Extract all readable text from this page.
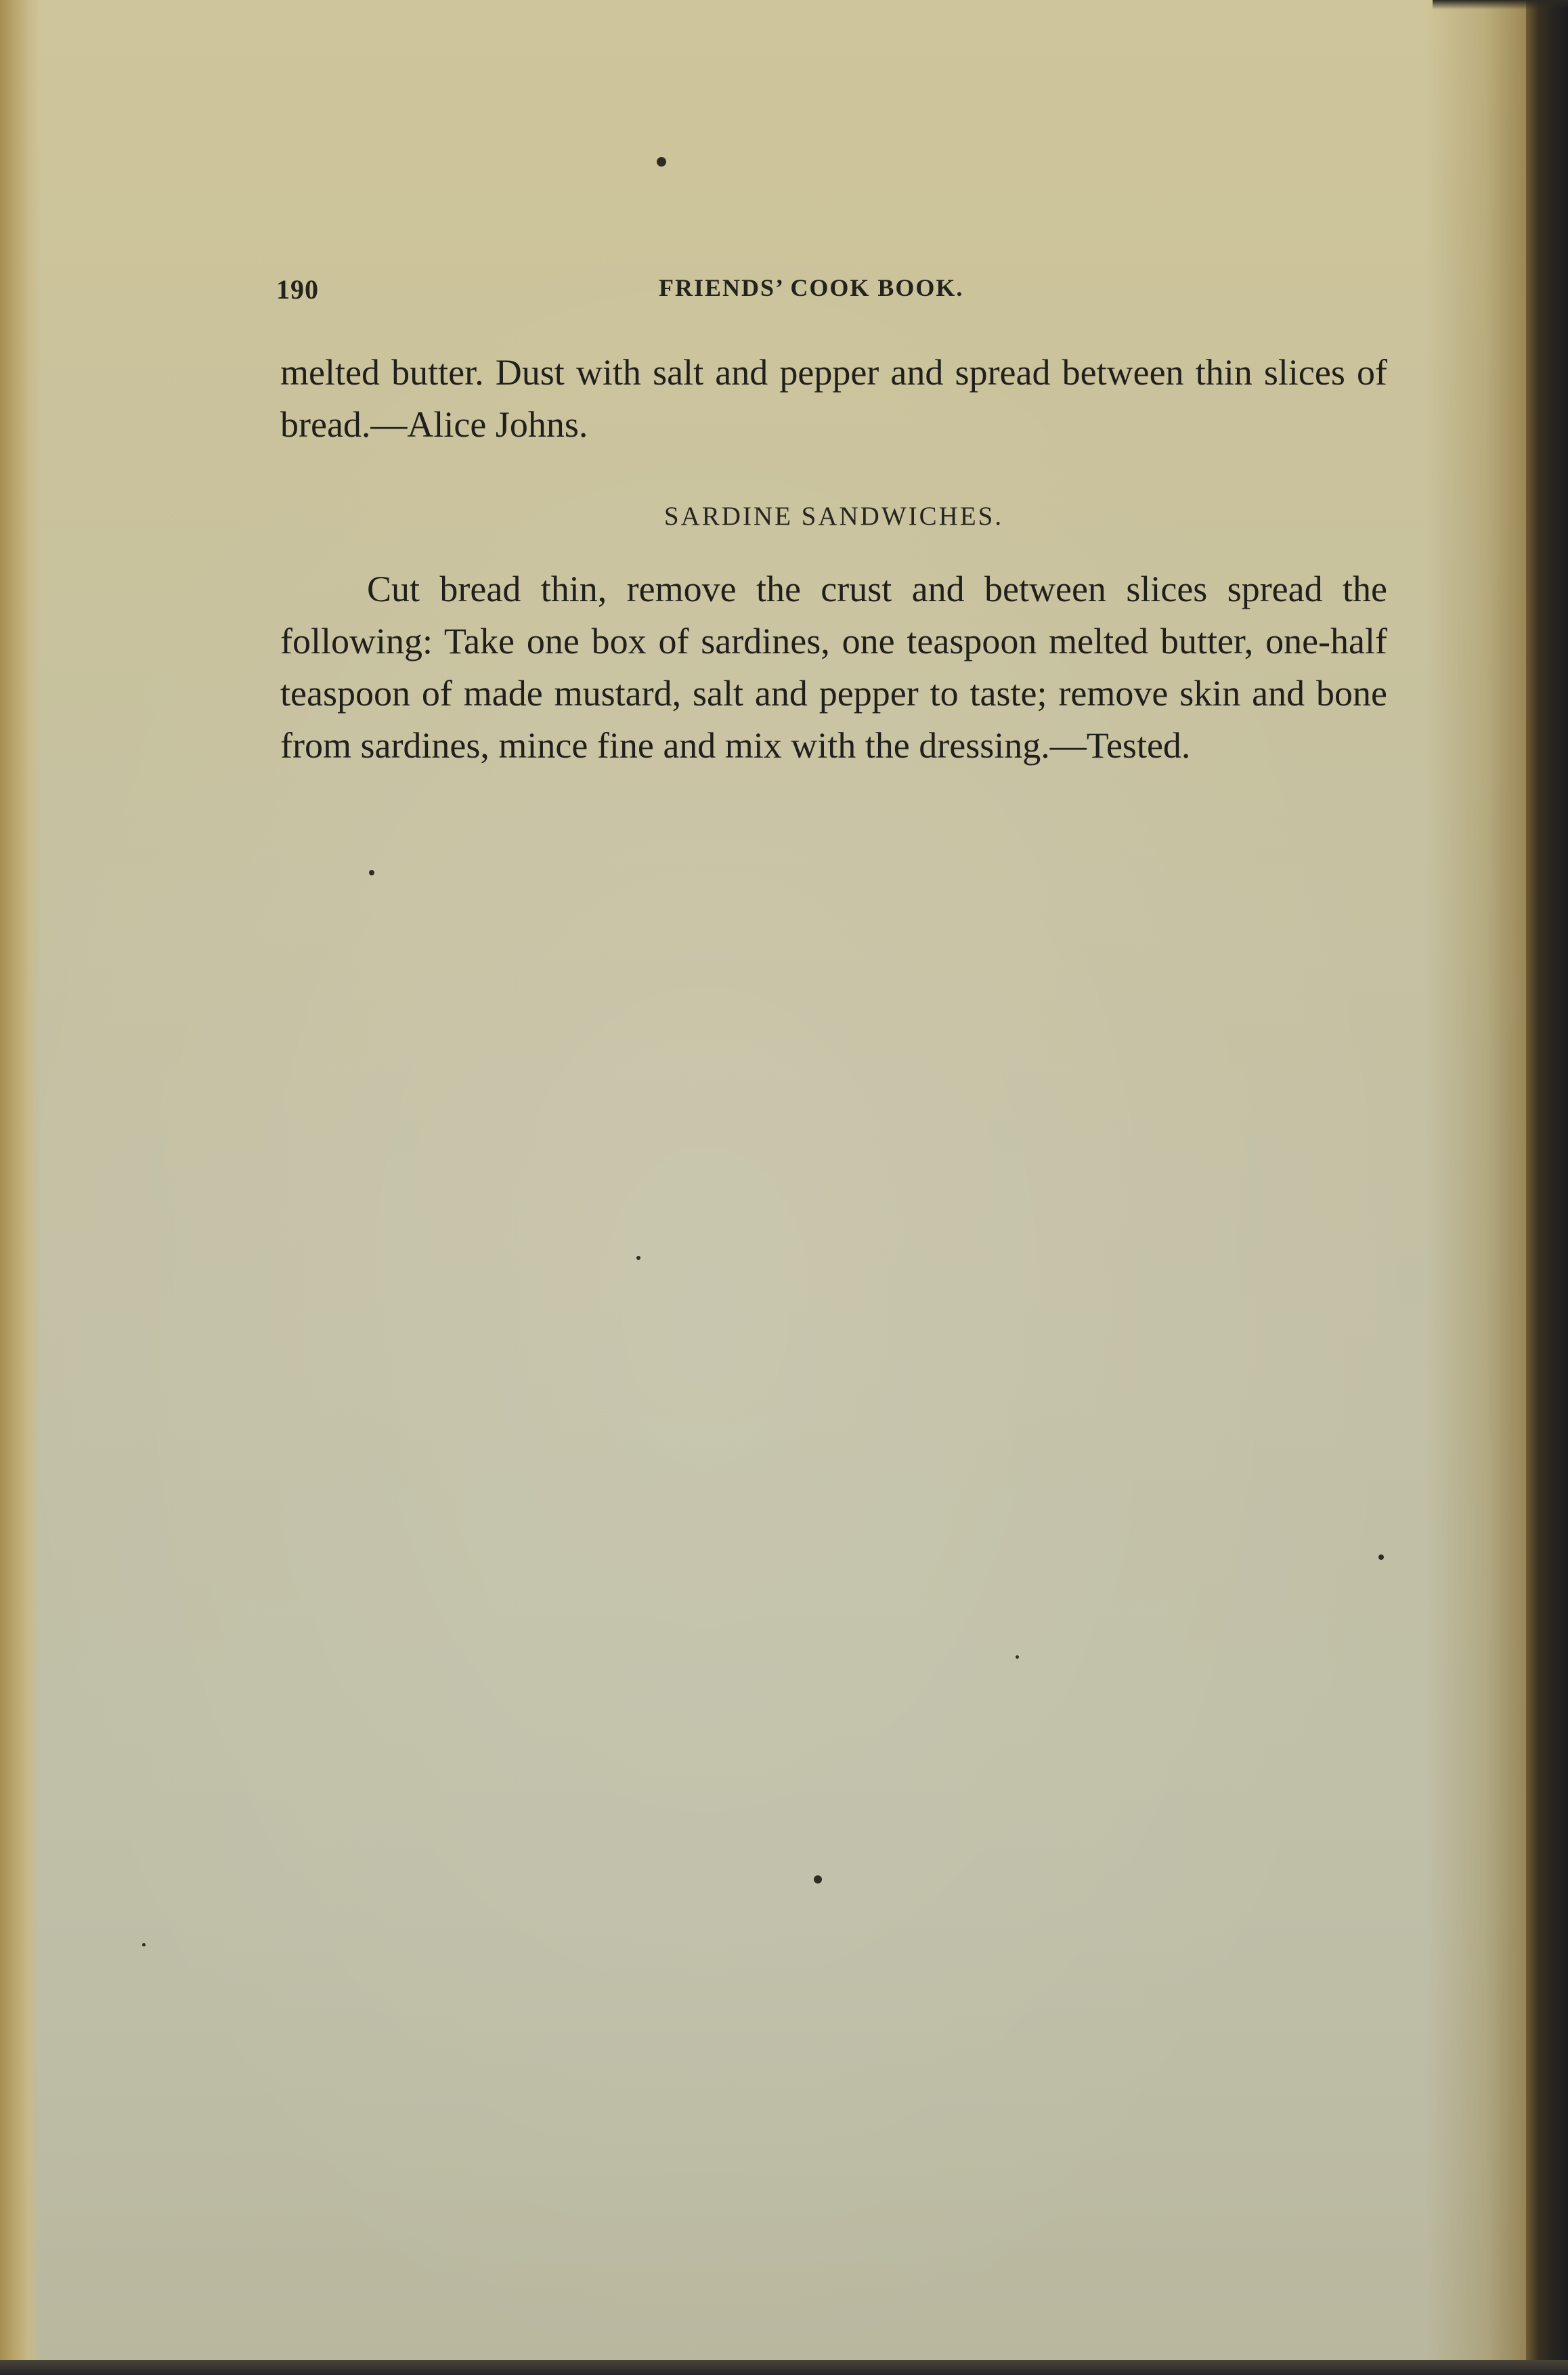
190	FRIENDS’ COOK BOOK.
melted butter. Dust with salt and pepper and spread between thin slices of bread.—Alice Johns.
SARDINE SANDWICHES.
Cut bread thin, remove the crust and between slices spread the following: Take one box of sardines, one teaspoon melted butter, one-half teaspoon of made mustard, salt and pepper to taste; remove skin and bone from sardines, mince fine and mix with the dressing.—Tested.
